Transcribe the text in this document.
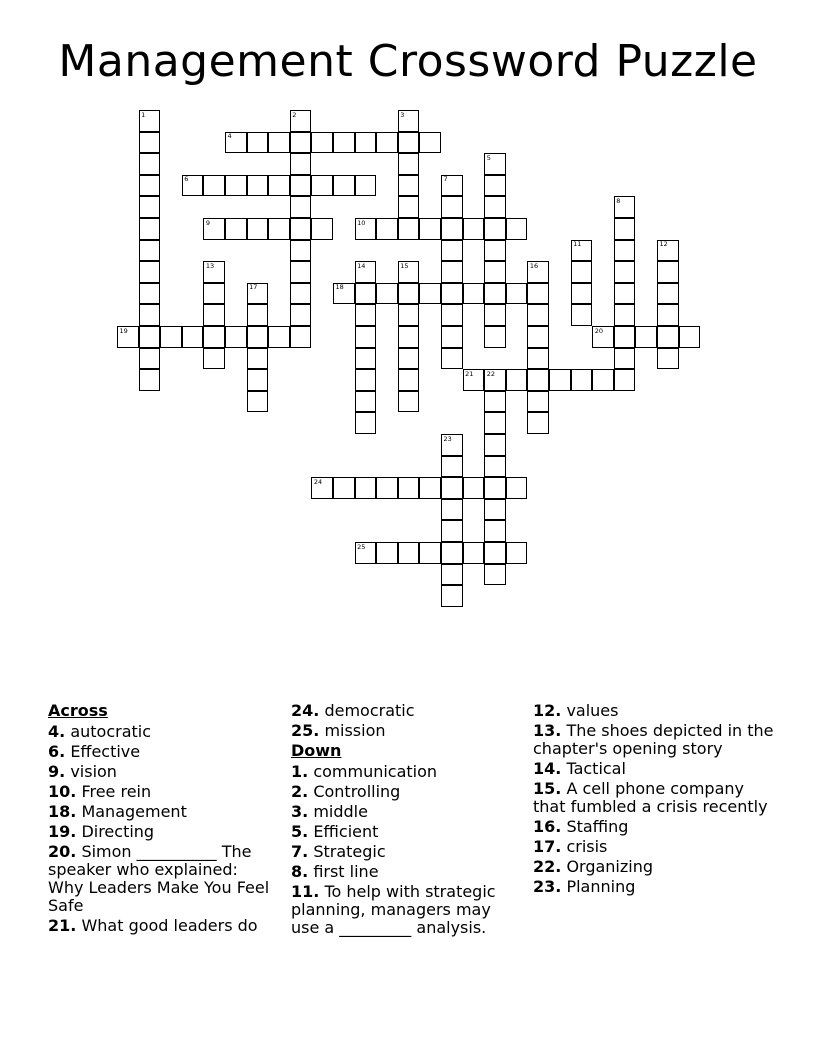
Management Crossword Puzzle
1	2	3
4
5
6	7
8
9	10
11	12
13	14	15	16
17	18
19	20
21 22
23
24
25
Across
4. autocratic
6. Effective
9. vision
10. Free rein
18. Management
19. Directing
20. Simon __________ The speaker who explained: Why Leaders Make You Feel Safe
21. What good leaders do
24. democratic
25. mission
Down
1. communication
2. Controlling
3. middle
5. Efficient
7. Strategic
8. first line
11. To help with strategic planning, managers may use a _________ analysis.
12. values
13. The shoes depicted in the chapter's opening story
14. Tactical
15. A cell phone company that fumbled a crisis recently
16. Staffing
17. crisis
22. Organizing
23. Planning
